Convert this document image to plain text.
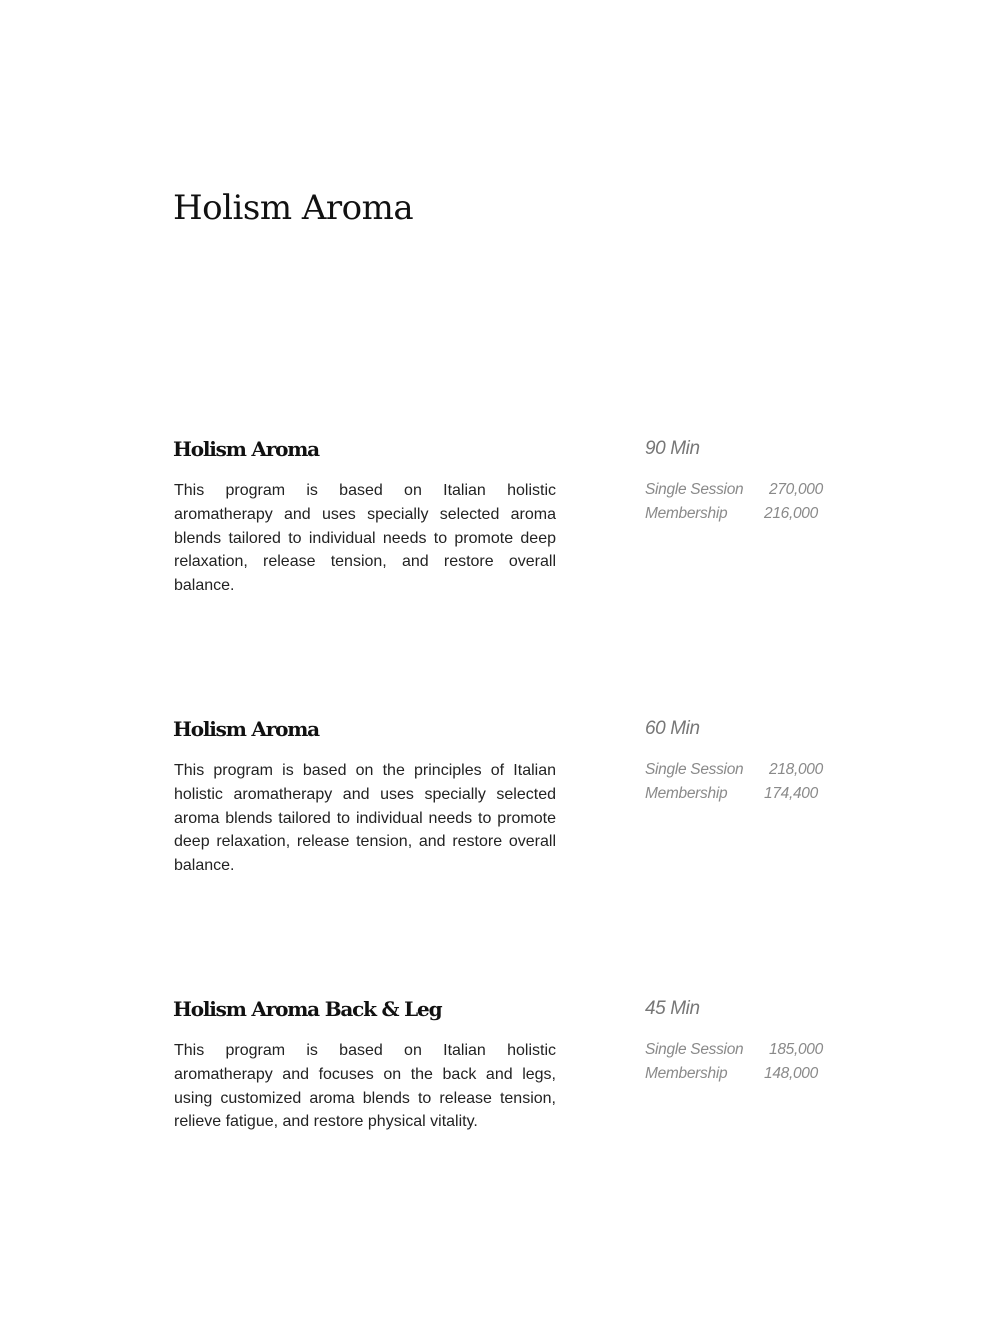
Holism Aroma
Holism Aroma

This program is based on Italian holistic aromatherapy and uses specially selected aroma blends tailored to individual needs to promote deep relaxation, release tension, and restore overall balance.

90 Min
Single Session 270,000
Membership 216,000
Holism Aroma

This program is based on the principles of Italian holistic aromatherapy and uses specially selected aroma blends tailored to individual needs to promote deep relaxation, release tension, and restore overall balance.

60 Min
Single Session 218,000
Membership 174,400
Holism Aroma Back & Leg

This program is based on Italian holistic aromatherapy and focuses on the back and legs, using customized aroma blends to release tension, relieve fatigue, and restore physical vitality.

45 Min
Single Session 185,000
Membership 148,000
